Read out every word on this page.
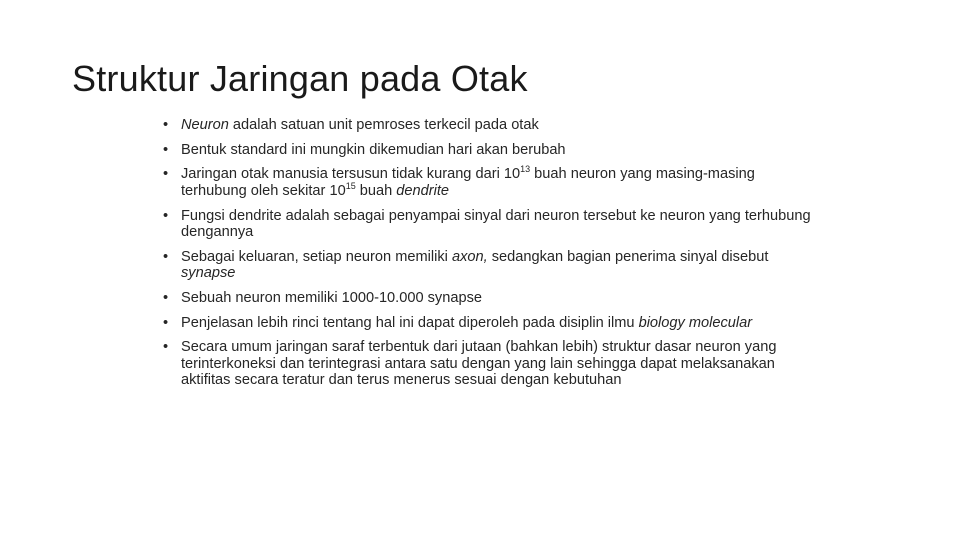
Struktur Jaringan pada Otak
• Neuron adalah satuan unit pemroses terkecil pada otak
• Bentuk standard ini mungkin dikemudian hari akan berubah
• Jaringan otak manusia tersusun tidak kurang dari $10^{13}$ buah neuron yang masing-masing terhubung oleh sekitar $10^{15}$ buah dendrite
• Fungsi dendrite adalah sebagai penyampai sinyal dari neuron tersebut ke neuron yang terhubung dengannya
• Sebagai keluaran, setiap neuron memiliki axon, sedangkan bagian penerima sinyal disebut synapse
• Sebuah neuron memiliki 1000-10.000 synapse
• Penjelasan lebih rinci tentang hal ini dapat diperoleh pada disiplin ilmu biology molecular
• Secara umum jaringan saraf terbentuk dari jutaan (bahkan lebih) struktur dasar neuron yang terinterkoneksi dan terintegrasi antara satu dengan yang lain sehingga dapat melaksanakan aktifitas secara teratur dan terus menerus sesuai dengan kebutuhan
